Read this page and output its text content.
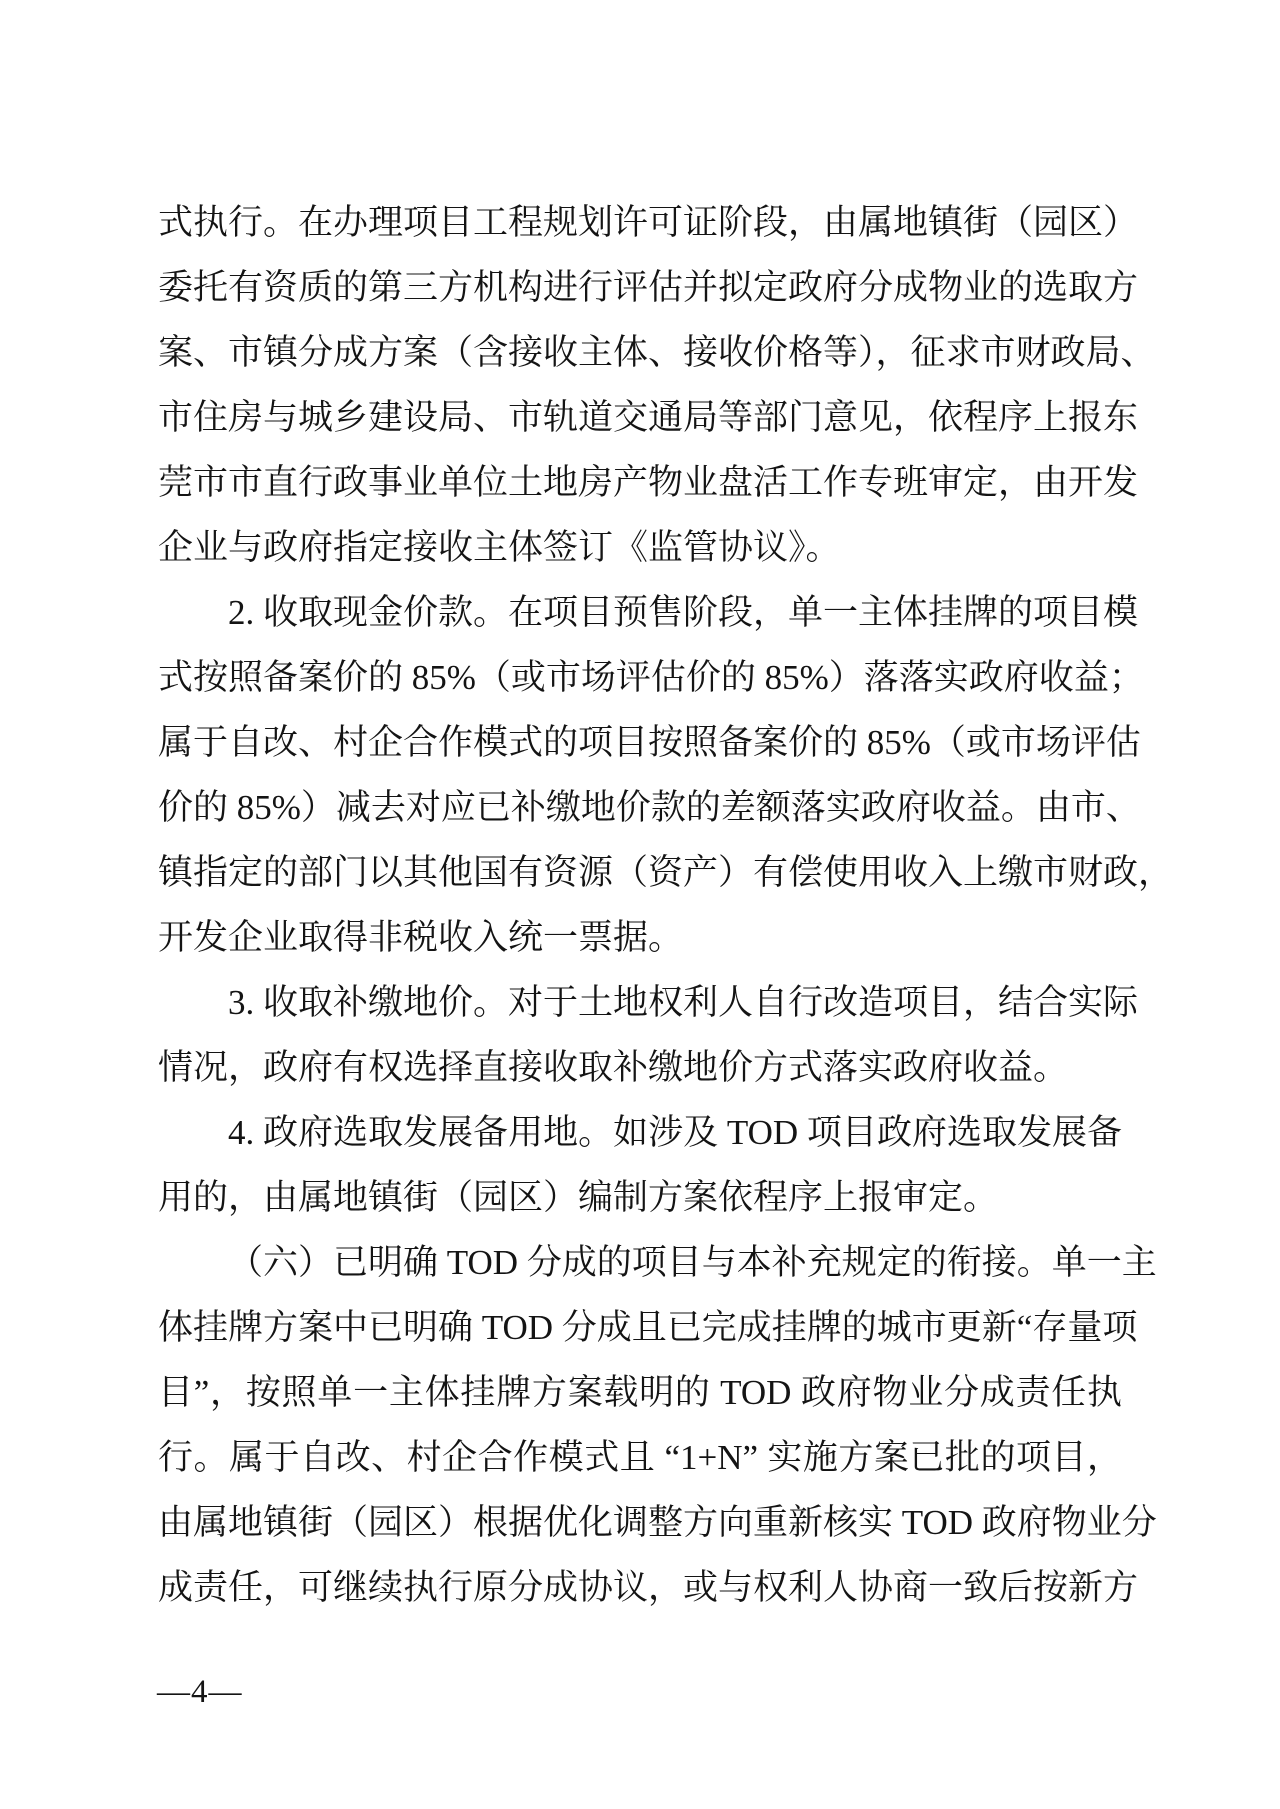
式执行。在办理项目工程规划许可证阶段，由属地镇街（园区）
委托有资质的第三方机构进行评估并拟定政府分成物业的选取方
案、市镇分成方案（含接收主体、接收价格等），征求市财政局、
市住房与城乡建设局、市轨道交通局等部门意见，依程序上报东
莞市市直行政事业单位土地房产物业盘活工作专班审定，由开发
企业与政府指定接收主体签订《监管协议》。
2. 收取现金价款。在项目预售阶段，单一主体挂牌的项目模
式按照备案价的 85%（或市场评估价的 85%）落落实政府收益；
属于自改、村企合作模式的项目按照备案价的 85%（或市场评估
价的 85%）减去对应已补缴地价款的差额落实政府收益。由市、
镇指定的部门以其他国有资源（资产）有偿使用收入上缴市财政，
开发企业取得非税收入统一票据。
3. 收取补缴地价。对于土地权利人自行改造项目，结合实际
情况，政府有权选择直接收取补缴地价方式落实政府收益。
4. 政府选取发展备用地。如涉及 TOD 项目政府选取发展备
用的，由属地镇街（园区）编制方案依程序上报审定。
（六）已明确 TOD 分成的项目与本补充规定的衔接。单一主
体挂牌方案中已明确 TOD 分成且已完成挂牌的城市更新“存量项
目”，按照单一主体挂牌方案载明的 TOD 政府物业分成责任执
行。属于自改、村企合作模式且 “1+N” 实施方案已批的项目，
由属地镇街（园区）根据优化调整方向重新核实 TOD 政府物业分
成责任，可继续执行原分成协议，或与权利人协商一致后按新方
—4—
